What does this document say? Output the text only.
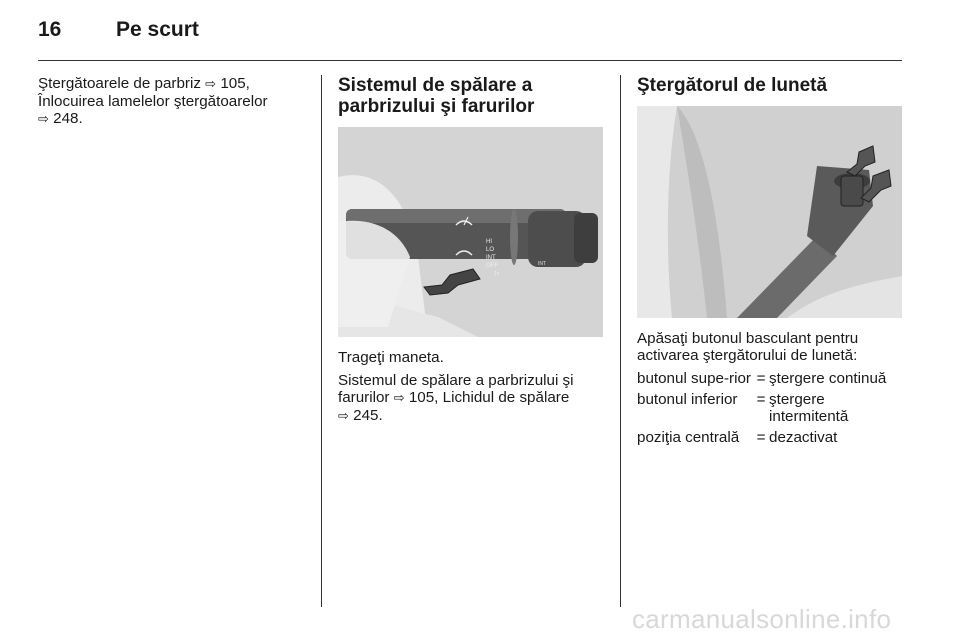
16	Pe scurt

Ştergătoarele de parbriz ⇨ 105,
Înlocuirea lamelelor ştergătoarelor
⇨ 248.

Sistemul de spălare a parbrizului şi farurilor
HI
LO
INT
OFF
1x
INT

Trageţi maneta.

Sistemul de spălare a parbrizului şi farurilor ⇨ 105, Lichidul de spălare
⇨ 245.

Ştergătorul de lunetă

Apăsaţi butonul basculant pentru activarea ştergătorului de lunetă:

butonul supe-rior	=	ştergere continuă
butonul inferior	=	ştergere intermitentă
poziţia centrală	=	dezactivat
carmanualsonline.info
